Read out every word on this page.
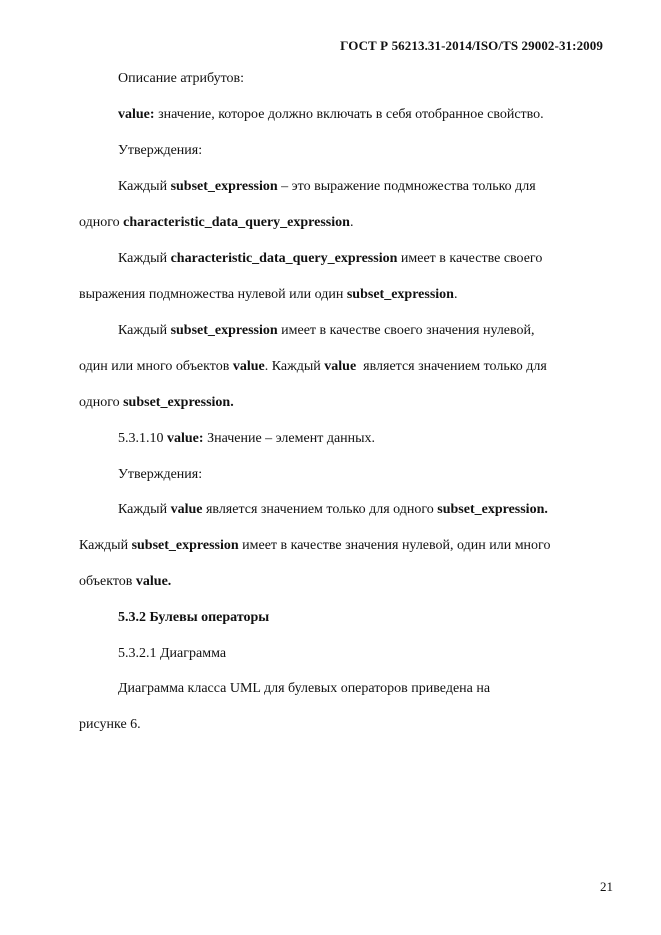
ГОСТ Р 56213.31-2014/ISO/TS 29002-31:2009
Описание атрибутов:
value: значение, которое должно включать в себя отобранное свойство.
Утверждения:
Каждый subset_expression – это выражение подмножества только для
одного characteristic_data_query_expression.
Каждый characteristic_data_query_expression имеет в качестве своего
выражения подмножества нулевой или один subset_expression.
Каждый subset_expression имеет в качестве своего значения нулевой,
один или много объектов value. Каждый value  является значением только для
одного subset_expression.
5.3.1.10 value: Значение – элемент данных.
Утверждения:
Каждый value является значением только для одного subset_expression.
Каждый subset_expression имеет в качестве значения нулевой, один или много
объектов value.
5.3.2 Булевы операторы
5.3.2.1 Диаграмма
Диаграмма класса UML для булевых операторов приведена на
рисунке 6.
21
